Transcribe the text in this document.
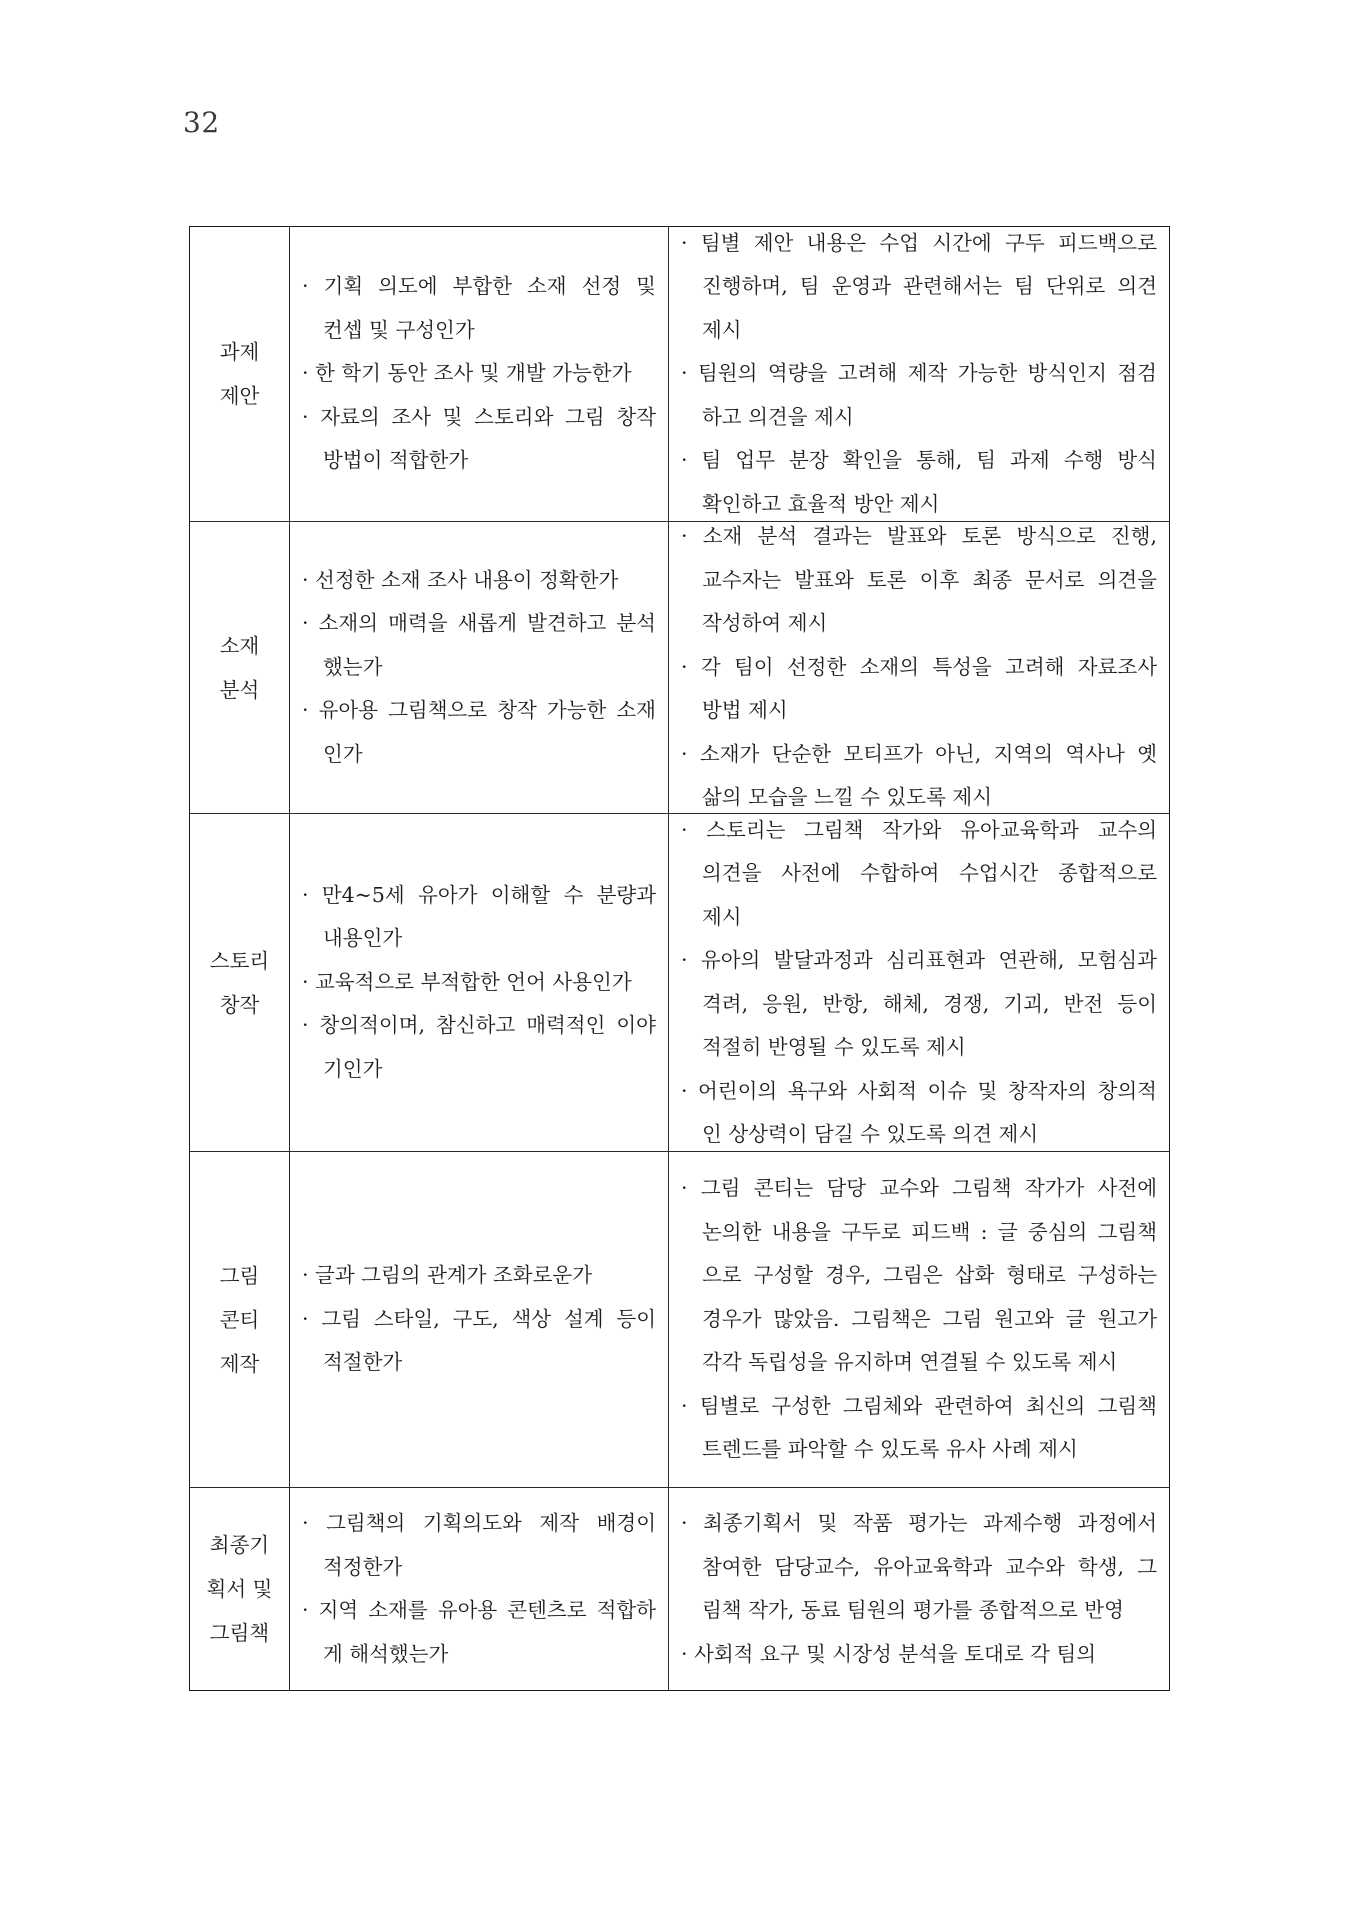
32
과제
제안
· 기획 의도에 부합한 소재 선정 및
컨셉 및 구성인가
· 한 학기 동안 조사 및 개발 가능한가
· 자료의 조사 및 스토리와 그림 창작
방법이 적합한가
· 팀별 제안 내용은 수업 시간에 구두 피드백으로
진행하며, 팀 운영과 관련해서는 팀 단위로 의견
제시
· 팀원의 역량을 고려해 제작 가능한 방식인지 점검
하고 의견을 제시
· 팀 업무 분장 확인을 통해, 팀 과제 수행 방식
확인하고 효율적 방안 제시
소재
분석
· 선정한 소재 조사 내용이 정확한가
· 소재의 매력을 새롭게 발견하고 분석
했는가
· 유아용 그림책으로 창작 가능한 소재
인가
· 소재 분석 결과는 발표와 토론 방식으로 진행,
교수자는 발표와 토론 이후 최종 문서로 의견을
작성하여 제시
· 각 팀이 선정한 소재의 특성을 고려해 자료조사
방법 제시
· 소재가 단순한 모티프가 아닌, 지역의 역사나 옛
삶의 모습을 느낄 수 있도록 제시
스토리
창작
· 만4~5세 유아가 이해할 수 분량과
내용인가
· 교육적으로 부적합한 언어 사용인가
· 창의적이며, 참신하고 매력적인 이야
기인가
· 스토리는 그림책 작가와 유아교육학과 교수의
의견을 사전에 수합하여 수업시간 종합적으로
제시
· 유아의 발달과정과 심리표현과 연관해, 모험심과
격려, 응원, 반항, 해체, 경쟁, 기괴, 반전 등이
적절히 반영될 수 있도록 제시
· 어린이의 욕구와 사회적 이슈 및 창작자의 창의적
인 상상력이 담길 수 있도록 의견 제시
그림
콘티
제작
· 글과 그림의 관계가 조화로운가
· 그림 스타일, 구도, 색상 설계 등이
적절한가
· 그림 콘티는 담당 교수와 그림책 작가가 사전에
논의한 내용을 구두로 피드백 : 글 중심의 그림책
으로 구성할 경우, 그림은 삽화 형태로 구성하는
경우가 많았음. 그림책은 그림 원고와 글 원고가
각각 독립성을 유지하며 연결될 수 있도록 제시
· 팀별로 구성한 그림체와 관련하여 최신의 그림책
트렌드를 파악할 수 있도록 유사 사례 제시
최종기
획서 및
그림책
· 그림책의 기획의도와 제작 배경이
적정한가
· 지역 소재를 유아용 콘텐츠로 적합하
게 해석했는가
· 최종기획서 및 작품 평가는 과제수행 과정에서
참여한 담당교수, 유아교육학과 교수와 학생, 그
림책 작가, 동료 팀원의 평가를 종합적으로 반영
· 사회적 요구 및 시장성 분석을 토대로 각 팀의
